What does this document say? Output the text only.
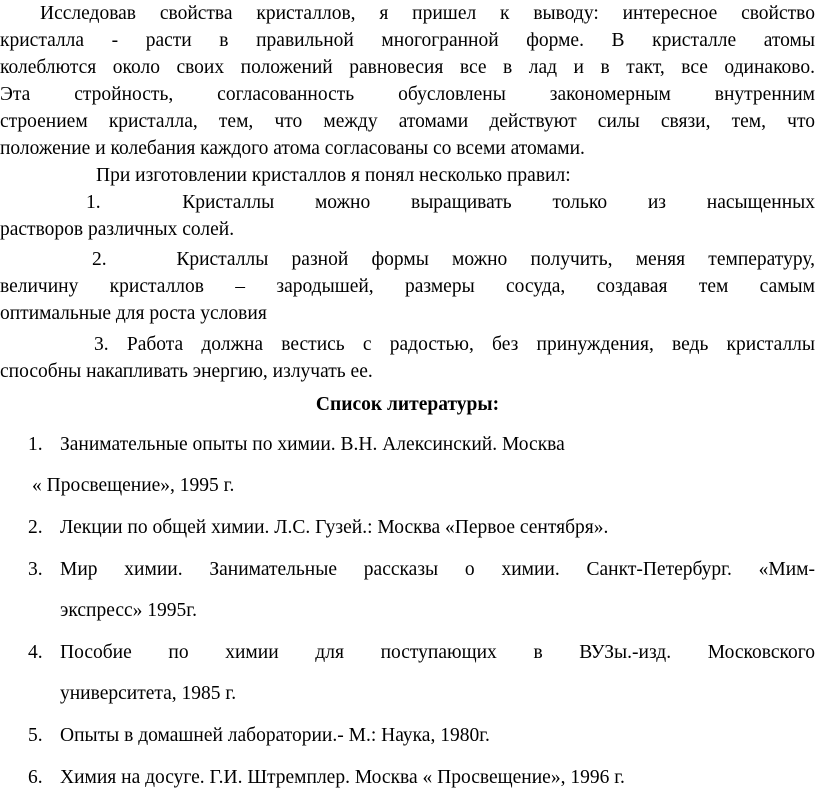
Исследовав свойства кристаллов, я пришел к выводу: интересное свойство

кристалла - расти в правильной многогранной форме. В кристалле атомы

колеблются около своих положений равновесия все в лад и в такт, все одинаково.

Эта стройность, согласованность обусловлены закономерным внутренним

строением кристалла, тем, что между атомами действуют силы связи, тем, что

положение и колебания каждого атома согласованы со всеми атомами.

При изготовлении кристаллов я понял несколько правил:

1.	Кристаллы можно выращивать только из насыщенных

растворов различных солей.

2.	Кристаллы разной формы можно получить, меняя температуру,

величину кристаллов – зародышей, размеры сосуда, создавая тем самым

оптимальные для роста условия

3. Работа должна вестись с радостью, без принуждения, ведь кристаллы

способны накапливать энергию, излучать ее.

Список литературы:

1. Занимательные опыты по химии. В.Н. Алексинский. Москва
« Просвещение», 1995 г.
2. Лекции по общей химии. Л.С. Гузей.: Москва «Первое сентября».
3. Мир химии. Занимательные рассказы о химии. Санкт-Петербург. «Мим-
экспресс» 1995г.
4. Пособие по химии для поступающих в ВУЗы.-изд. Московского
университета, 1985 г.
5. Опыты в домашней лаборатории.- М.: Наука, 1980г.
6. Химия на досуге. Г.И. Штремплер. Москва « Просвещение», 1996 г.
